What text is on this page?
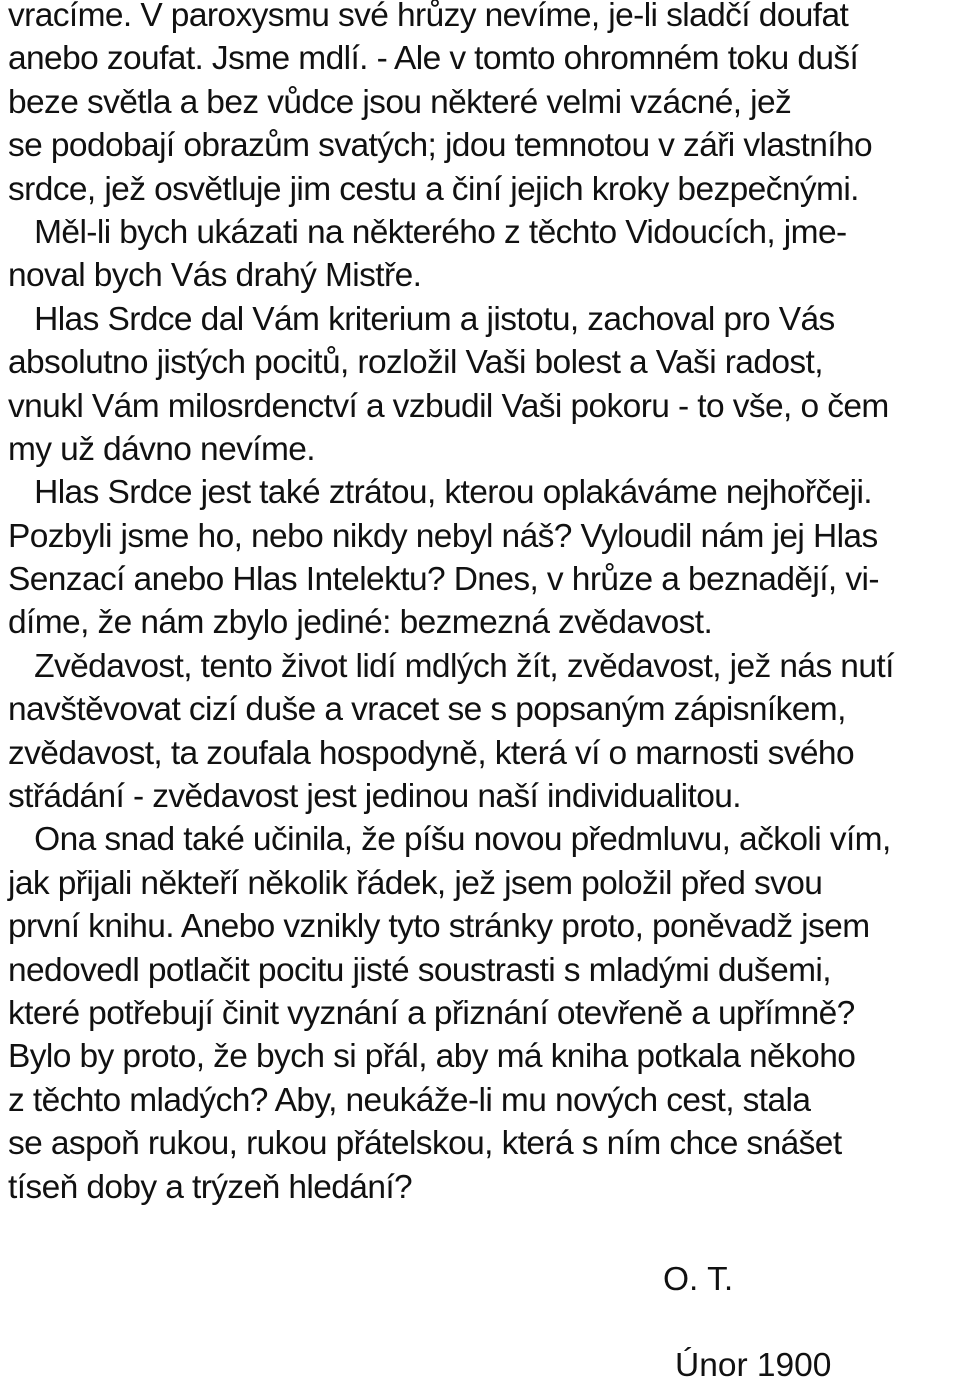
vracíme. V paroxysmu své hrůzy nevíme, je-li sladčí doufat
anebo zoufat. Jsme mdlí. - Ale v tomto ohromném toku duší
beze světla a bez vůdce jsou některé velmi vzácné, jež
se podobají obrazům svatých; jdou temnotou v záři vlastního
srdce, jež osvětluje jim cestu a činí jejich kroky bezpečnými.
Měl-li bych ukázati na některého z těchto Vidoucích, jme-
noval bych Vás drahý Mistře.
Hlas Srdce dal Vám kriterium a jistotu, zachoval pro Vás
absolutno jistých pocitů, rozložil Vaši bolest a Vaši radost,
vnukl Vám milosrdenctví a vzbudil Vaši pokoru - to vše, o čem
my už dávno nevíme.
Hlas Srdce jest také ztrátou, kterou oplakáváme nejhořčeji.
Pozbyli jsme ho, nebo nikdy nebyl náš? Vyloudil nám jej Hlas
Senzací anebo Hlas Intelektu? Dnes, v hrůze a beznadějí, vi-
díme, že nám zbylo jediné: bezmezná zvědavost.
Zvědavost, tento život lidí mdlých žít, zvědavost, jež nás nutí
navštěvovat cizí duše a vracet se s popsaným zápisníkem,
zvědavost, ta zoufala hospodyně, která ví o marnosti svého
střádání - zvědavost jest jedinou naší individualitou.
Ona snad také učinila, že píšu novou předmluvu, ačkoli vím,
jak přijali někteří několik řádek, jež jsem položil před svou
první knihu. Anebo vznikly tyto stránky proto, poněvadž jsem
nedovedl potlačit pocitu jisté soustrasti s mladými dušemi,
které potřebují činit vyznání a přiznání otevřeně a upřímně?
Bylo by proto, že bych si přál, aby má kniha potkala někoho
z těchto mladých? Aby, neukáže-li mu nových cest, stala
se aspoň rukou, rukou přátelskou, která s ním chce snášet
tíseň doby a trýzeň hledání?
O. T.
Únor 1900
